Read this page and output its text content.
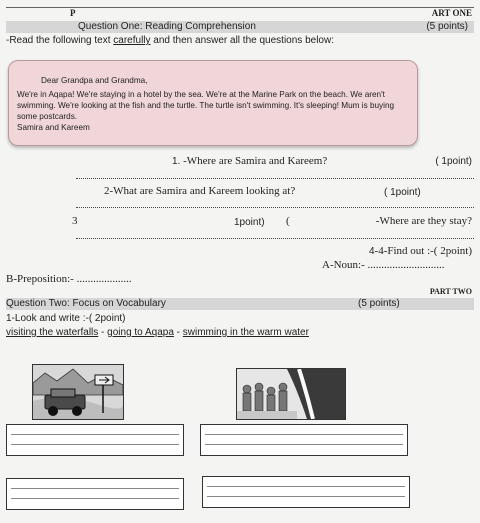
P	ART ONE
Question One: Reading Comprehension	(5 points)
-Read the following text carefully and then answer all the questions below:

Dear Grandpa and Grandma,

We're in Aqapa! We're staying in a hotel by the sea. We're at the Marine Park on the beach. We aren't

swimming. We're looking at the fish and the turtle. The turtle isn't swimming. It's sleeping! Mum is buying

some postcards.

Samira and Kareem

1. -Where are Samira and Kareem?	( 1point)
2-What are Samira and Kareem looking at?	( 1point)
3	1point) (	-Where are they stay?
4-4-Find out :-( 2point)
A-Noun:- ............................
B-Preposition:- ....................
PART TWO
Question Two: Focus on Vocabulary	(5 points)
1-Look and write :-( 2point)
visiting the waterfalls - going to Aqapa - swimming in the warm water
